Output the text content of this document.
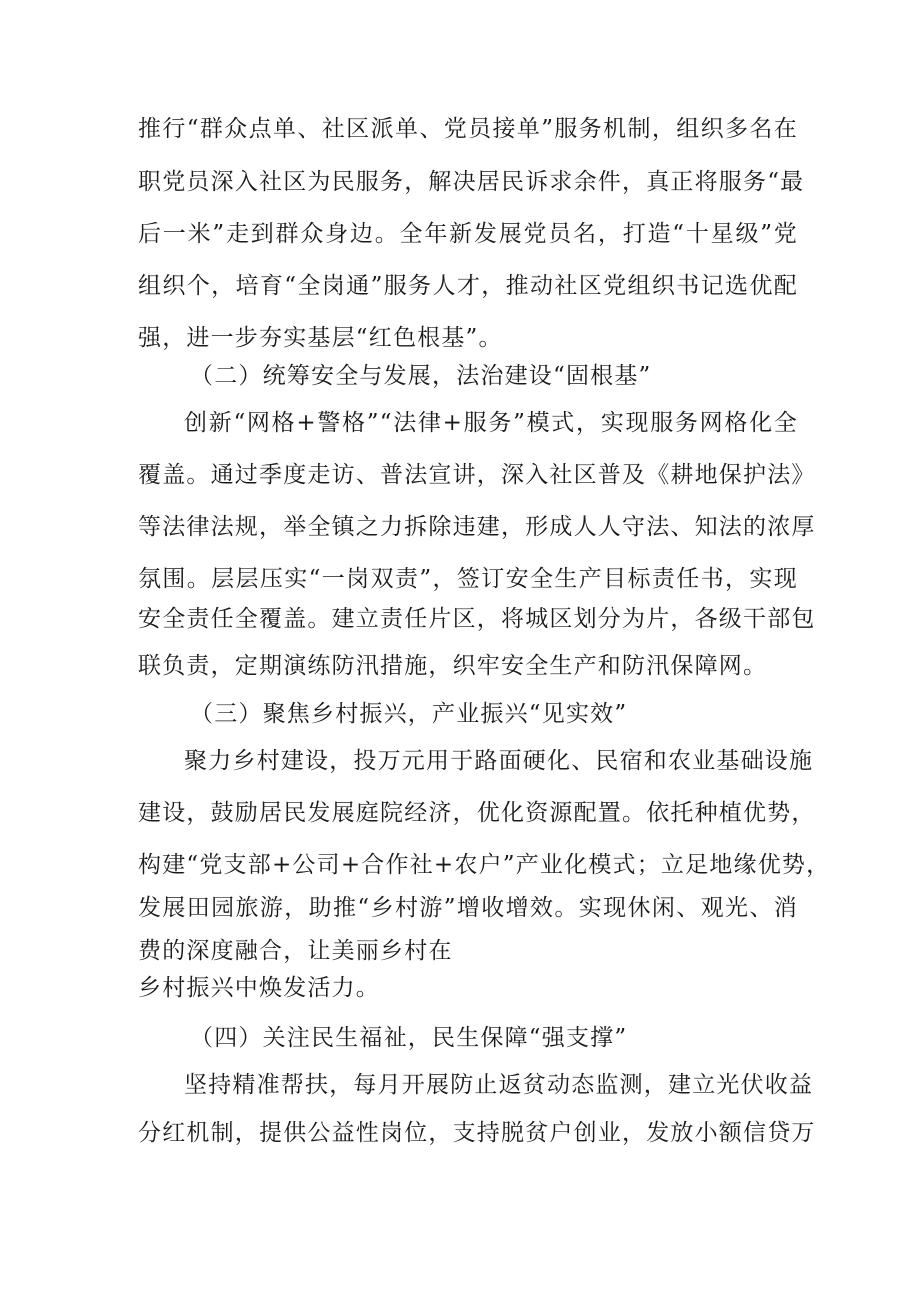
推行“群众点单、社区派单、党员接单”服务机制，组织多名在
职党员深入社区为民服务，解决居民诉求余件，真正将服务“最
后一米”走到群众身边。全年新发展党员名，打造“十星级”党
组织个，培育“全岗通”服务人才，推动社区党组织书记选优配
强，进一步夯实基层“红色根基”。
（二）统筹安全与发展，法治建设“固根基”
创新“网格+警格”“法律+服务”模式，实现服务网格化全
覆盖。通过季度走访、普法宣讲，深入社区普及《耕地保护法》
等法律法规，举全镇之力拆除违建，形成人人守法、知法的浓厚
氛围。层层压实“一岗双责”，签订安全生产目标责任书，实现
安全责任全覆盖。建立责任片区，将城区划分为片，各级干部包
联负责，定期演练防汛措施，织牢安全生产和防汛保障网。
（三）聚焦乡村振兴，产业振兴“见实效”
聚力乡村建设，投万元用于路面硬化、民宿和农业基础设施
建设，鼓励居民发展庭院经济，优化资源配置。依托种植优势，
构建“党支部+公司+合作社+农户”产业化模式；立足地缘优势，
发展田园旅游，助推“乡村游”增收增效。实现休闲、观光、消
费的深度融合，让美丽乡村在
乡村振兴中焕发活力。
（四）关注民生福祉，民生保障“强支撑”
坚持精准帮扶，每月开展防止返贫动态监测，建立光伏收益
分红机制，提供公益性岗位，支持脱贫户创业，发放小额信贷万
